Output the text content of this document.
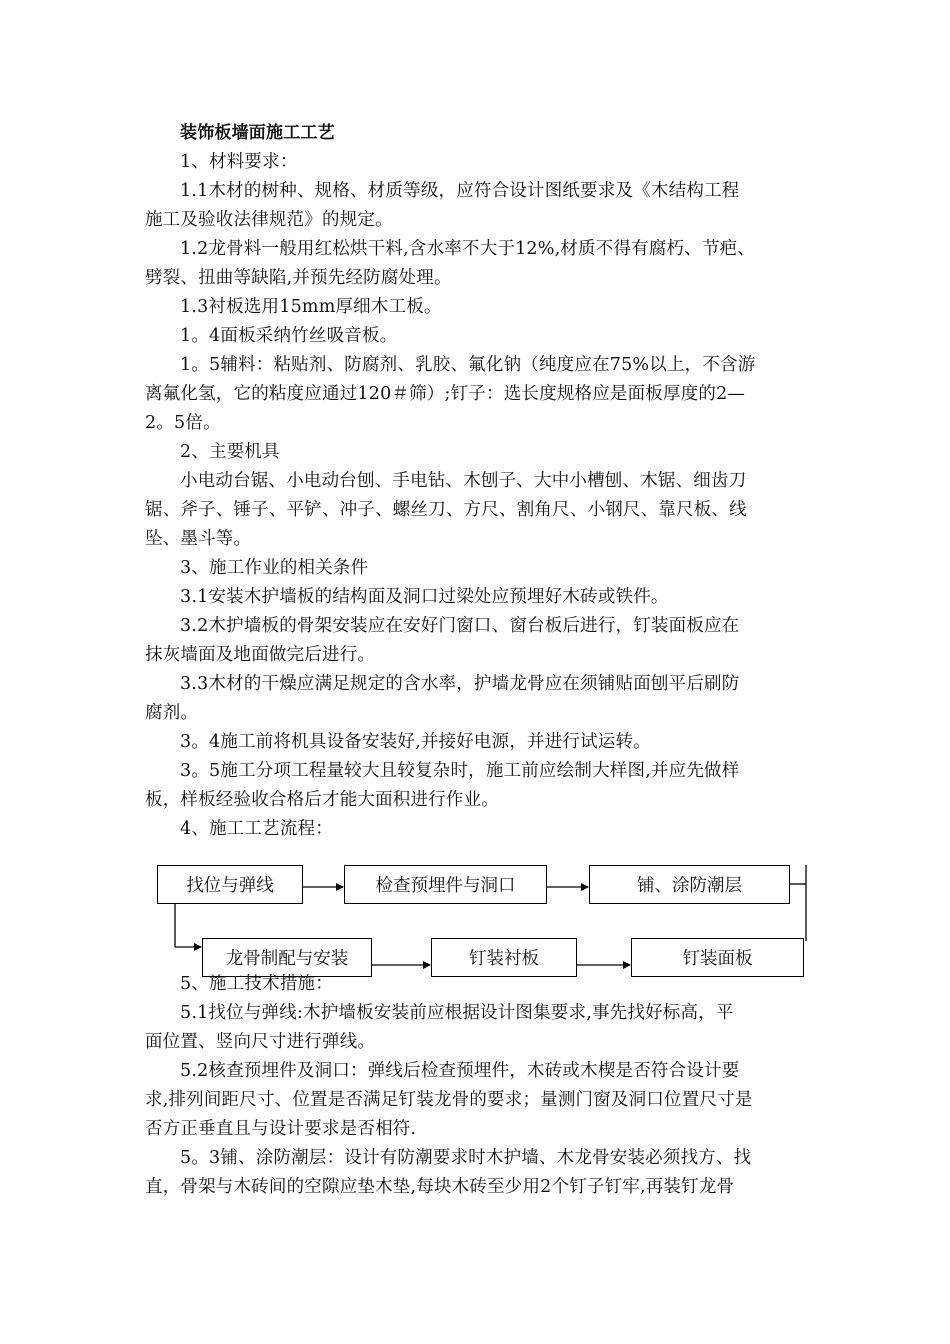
装饰板墙面施工工艺
1、材料要求：
1.1木材的树种、规格、材质等级，应符合设计图纸要求及《木结构工程
施工及验收法律规范》的规定。
1.2龙骨料一般用红松烘干料,含水率不大于12%,材质不得有腐朽、节疤、
劈裂、扭曲等缺陷,并预先经防腐处理。
1.3衬板选用15mm厚细木工板。
1。4面板采纳竹丝吸音板。
1。5辅料：粘贴剂、防腐剂、乳胶、氟化钠（纯度应在75%以上，不含游
离氟化氢，它的粘度应通过120＃筛）;钉子：选长度规格应是面板厚度的2—
2。5倍。
2、主要机具
小电动台锯、小电动台刨、手电钻、木刨子、大中小槽刨、木锯、细齿刀
锯、斧子、锤子、平铲、冲子、螺丝刀、方尺、割角尺、小钢尺、靠尺板、线
坠、墨斗等。
3、施工作业的相关条件
3.1安装木护墙板的结构面及洞口过梁处应预埋好木砖或铁件。
3.2木护墙板的骨架安装应在安好门窗口、窗台板后进行，钉装面板应在
抹灰墙面及地面做完后进行。
3.3木材的干燥应满足规定的含水率，护墙龙骨应在须铺贴面刨平后刷防
腐剂。
3。4施工前将机具设备安装好,并接好电源，并进行试运转。
3。5施工分项工程量较大且较复杂时，施工前应绘制大样图,并应先做样
板，样板经验收合格后才能大面积进行作业。
4、施工工艺流程：
找位与弹线	检查预埋件与洞口	铺、涂防潮层
龙骨制配与安装	钉装衬板	钉装面板
5、施工技术措施：
5.1找位与弹线:木护墙板安装前应根据设计图集要求,事先找好标高，平
面位置、竖向尺寸进行弹线。
5.2核查预埋件及洞口：弹线后检查预埋件，木砖或木楔是否符合设计要
求,排列间距尺寸、位置是否满足钉装龙骨的要求；量测门窗及洞口位置尺寸是
否方正垂直且与设计要求是否相符.
5。3铺、涂防潮层：设计有防潮要求时木护墙、木龙骨安装必须找方、找
直，骨架与木砖间的空隙应垫木垫,每块木砖至少用2个钉子钉牢,再装钉龙骨
